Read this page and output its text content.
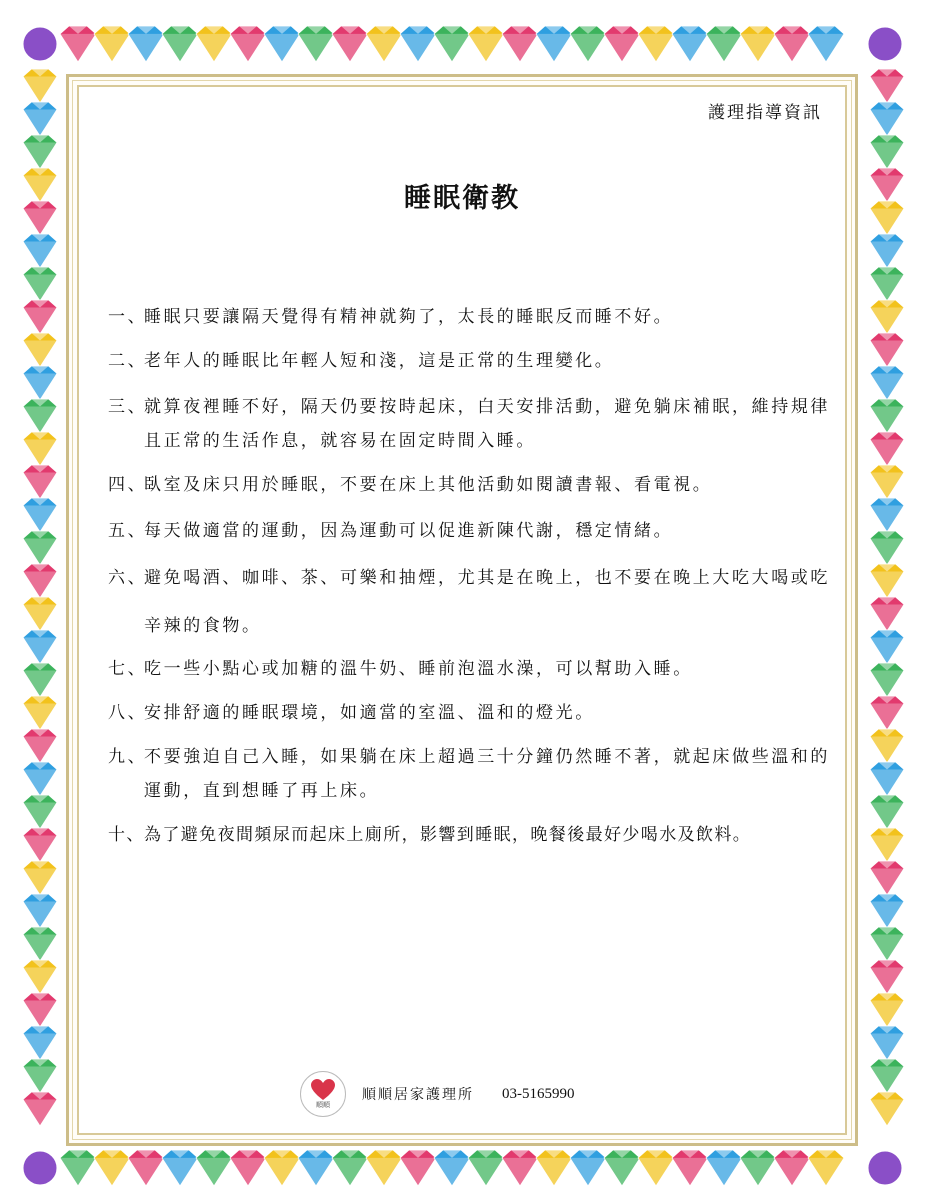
護理指導資訊
睡眠衛教
一、
睡眠只要讓隔天覺得有精神就夠了，太長的睡眠反而睡不好。
二、
老年人的睡眠比年輕人短和淺，這是正常的生理變化。
三、
就算夜裡睡不好，隔天仍要按時起床，白天安排活動，避免躺床補眠，維持規律且正常的生活作息，就容易在固定時間入睡。
四、
臥室及床只用於睡眠，不要在床上其他活動如閱讀書報、看電視。
五、
每天做適當的運動，因為運動可以促進新陳代謝，穩定情緒。
六、
避免喝酒、咖啡、茶、可樂和抽煙，尤其是在晚上，也不要在晚上大吃大喝或吃辛辣的食物。
七、
吃一些小點心或加糖的溫牛奶、睡前泡溫水澡，可以幫助入睡。
八、
安排舒適的睡眠環境，如適當的室溫、溫和的燈光。
九、
不要強迫自己入睡，如果躺在床上超過三十分鐘仍然睡不著，就起床做些溫和的運動，直到想睡了再上床。
十、 為了避免夜間頻尿而起床上廁所，影響到睡眠，晚餐後最好少喝水及飲料。
順順
順順居家護理所 03-5165990
